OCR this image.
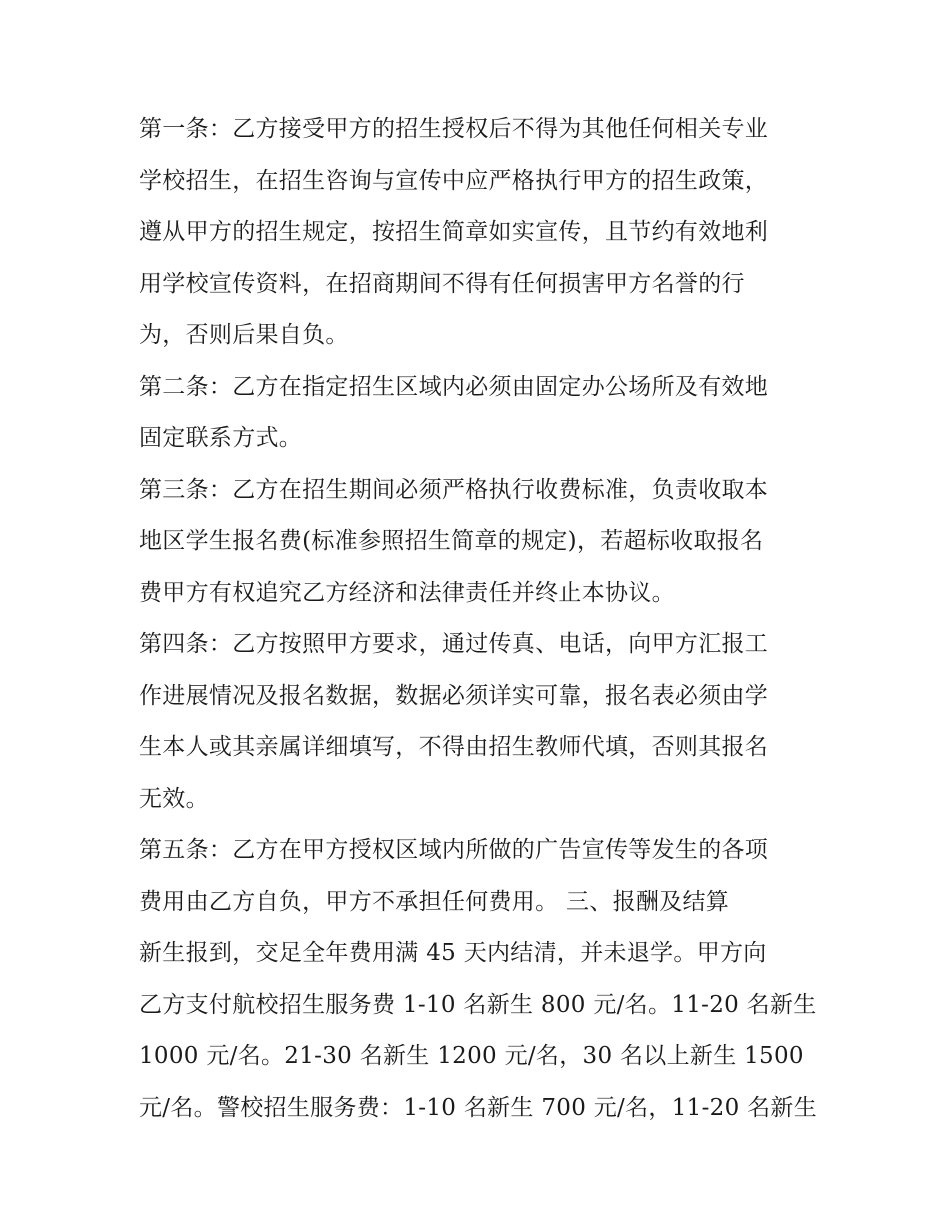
第一条：乙方接受甲方的招生授权后不得为其他任何相关专业
学校招生，在招生咨询与宣传中应严格执行甲方的招生政策，
遵从甲方的招生规定，按招生简章如实宣传，且节约有效地利
用学校宣传资料，在招商期间不得有任何损害甲方名誉的行
为，否则后果自负。
第二条：乙方在指定招生区域内必须由固定办公场所及有效地
固定联系方式。
第三条：乙方在招生期间必须严格执行收费标准，负责收取本
地区学生报名费(标准参照招生简章的规定)，若超标收取报名
费甲方有权追究乙方经济和法律责任并终止本协议。
第四条：乙方按照甲方要求，通过传真、电话，向甲方汇报工
作进展情况及报名数据，数据必须详实可靠，报名表必须由学
生本人或其亲属详细填写，不得由招生教师代填，否则其报名
无效。
第五条：乙方在甲方授权区域内所做的广告宣传等发生的各项
费用由乙方自负，甲方不承担任何费用。 三、报酬及结算
新生报到，交足全年费用满 45 天内结清，并未退学。甲方向
乙方支付航校招生服务费 1-10 名新生 800 元/名。11-20 名新生
1000 元/名。21-30 名新生 1200 元/名，30 名以上新生 1500
元/名。警校招生服务费：1-10 名新生 700 元/名，11-20 名新生
